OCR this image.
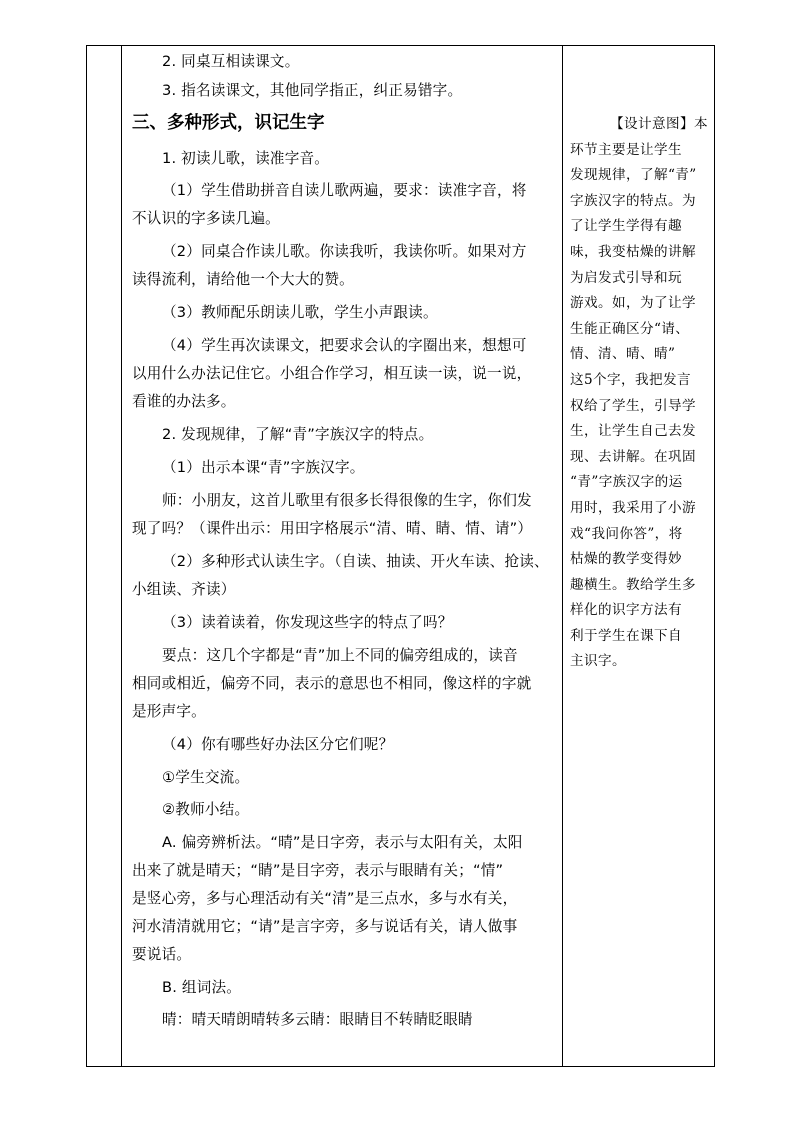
2. 同桌互相读课文。

3. 指名读课文，其他同学指正，纠正易错字。

三、多种形式，识记生字

1. 初读儿歌，读准字音。

（1）学生借助拼音自读儿歌两遍，要求：读准字音，将

不认识的字多读几遍。

（2）同桌合作读儿歌。你读我听，我读你听。如果对方

读得流利，请给他一个大大的赞。

（3）教师配乐朗读儿歌，学生小声跟读。

（4）学生再次读课文，把要求会认的字圈出来，想想可

以用什么办法记住它。小组合作学习，相互读一读，说一说，

看谁的办法多。

2. 发现规律，了解“青”字族汉字的特点。

（1）出示本课“青”字族汉字。

师：小朋友，这首儿歌里有很多长得很像的生字，你们发

现了吗？（课件出示：用田字格展示“清、晴、睛、情、请”）

（2）多种形式认读生字。（自读、抽读、开火车读、抢读、

小组读、齐读）

（3）读着读着，你发现这些字的特点了吗？

要点：这几个字都是“青”加上不同的偏旁组成的，读音

相同或相近，偏旁不同，表示的意思也不相同，像这样的字就

是形声字。

（4）你有哪些好办法区分它们呢？

①学生交流。

②教师小结。

A. 偏旁辨析法。“晴”是日字旁，表示与太阳有关，太阳

出来了就是晴天；“睛”是目字旁，表示与眼睛有关；“情”

是竖心旁，多与心理活动有关“清”是三点水，多与水有关，

河水清清就用它；“请”是言字旁，多与说话有关，请人做事

要说话。

B. 组词法。

晴：晴天晴朗晴转多云睛：眼睛目不转睛眨眼睛

【设计意图】本
环节主要是让学生
发现规律，了解“青”
字族汉字的特点。为
了让学生学得有趣
味，我变枯燥的讲解
为启发式引导和玩
游戏。如，为了让学
生能正确区分“请、
情、清、晴、晴”
这5个字，我把发言
权给了学生，引导学
生，让学生自己去发
现、去讲解。在巩固
“青”字族汉字的运
用时，我采用了小游
戏“我问你答”，将
枯燥的教学变得妙
趣横生。教给学生多
样化的识字方法有
利于学生在课下自
主识字。
